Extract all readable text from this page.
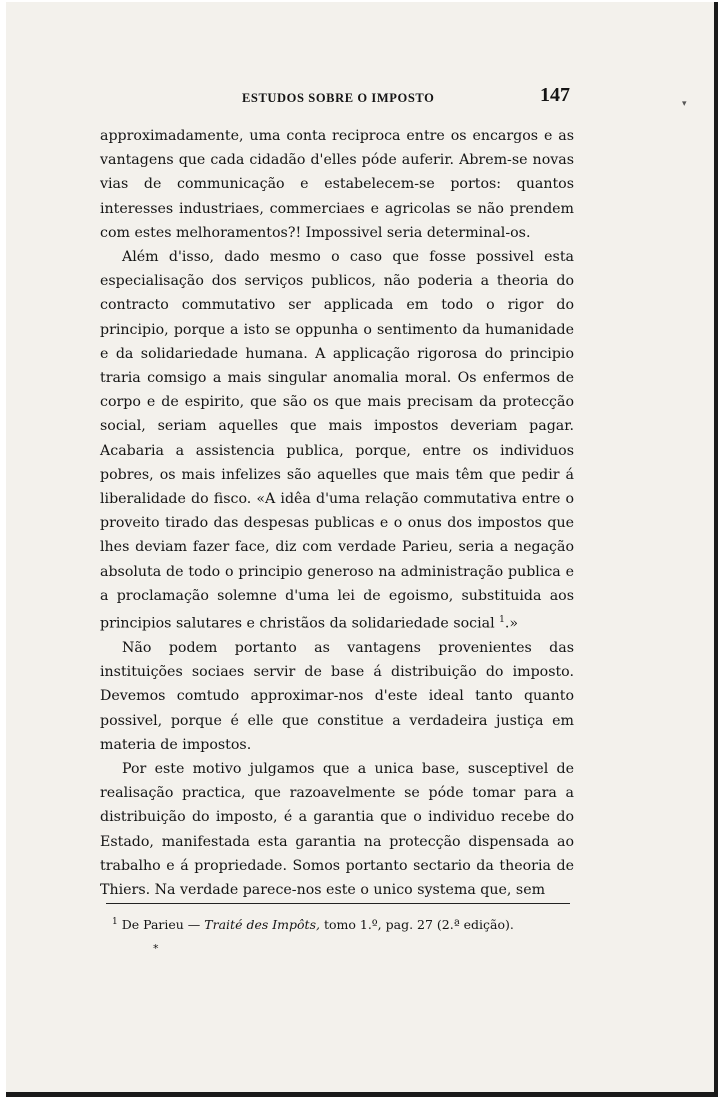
▾
ESTUDOS SOBRE O IMPOSTO	147

approximadamente, uma conta reciproca entre os encargos e as vantagens que cada cidadão d'elles póde auferir. Abrem-se novas vias de communicação e estabelecem-se portos: quantos interesses industriaes, commerciaes e agricolas se não prendem com estes melhoramentos?! Impossivel seria determinal-os.

Além d'isso, dado mesmo o caso que fosse possivel esta especialisação dos serviços publicos, não poderia a theoria do contracto commutativo ser applicada em todo o rigor do principio, porque a isto se oppunha o sentimento da humanidade e da solidariedade humana. A applicação rigorosa do principio traria comsigo a mais singular anomalia moral. Os enfermos de corpo e de espirito, que são os que mais precisam da protecção social, seriam aquelles que mais impostos deveriam pagar. Acabaria a assistencia publica, porque, entre os individuos pobres, os mais infelizes são aquelles que mais têm que pedir á liberalidade do fisco. «A idêa d'uma relação commutativa entre o proveito tirado das despesas publicas e o onus dos impostos que lhes deviam fazer face, diz com verdade Parieu, seria a negação absoluta de todo o principio generoso na administração publica e a proclamação solemne d'uma lei de egoismo, substituida aos principios salutares e christãos da solidariedade social $^1$.»

Não podem portanto as vantagens provenientes das instituições sociaes servir de base á distribuição do imposto. Devemos comtudo approximar-nos d'este ideal tanto quanto possivel, porque é elle que constitue a verdadeira justiça em materia de impostos.

Por este motivo julgamos que a unica base, susceptivel de realisação practica, que razoavelmente se póde tomar para a distribuição do imposto, é a garantia que o individuo recebe do Estado, manifestada esta garantia na protecção dispensada ao trabalho e á propriedade. Somos portanto sectario da theoria de Thiers. Na verdade parece-nos este o unico systema que, sem

$^1$ De Parieu — Traité des Impôts, tomo 1.º, pag. 27 (2.ª edição).
*
